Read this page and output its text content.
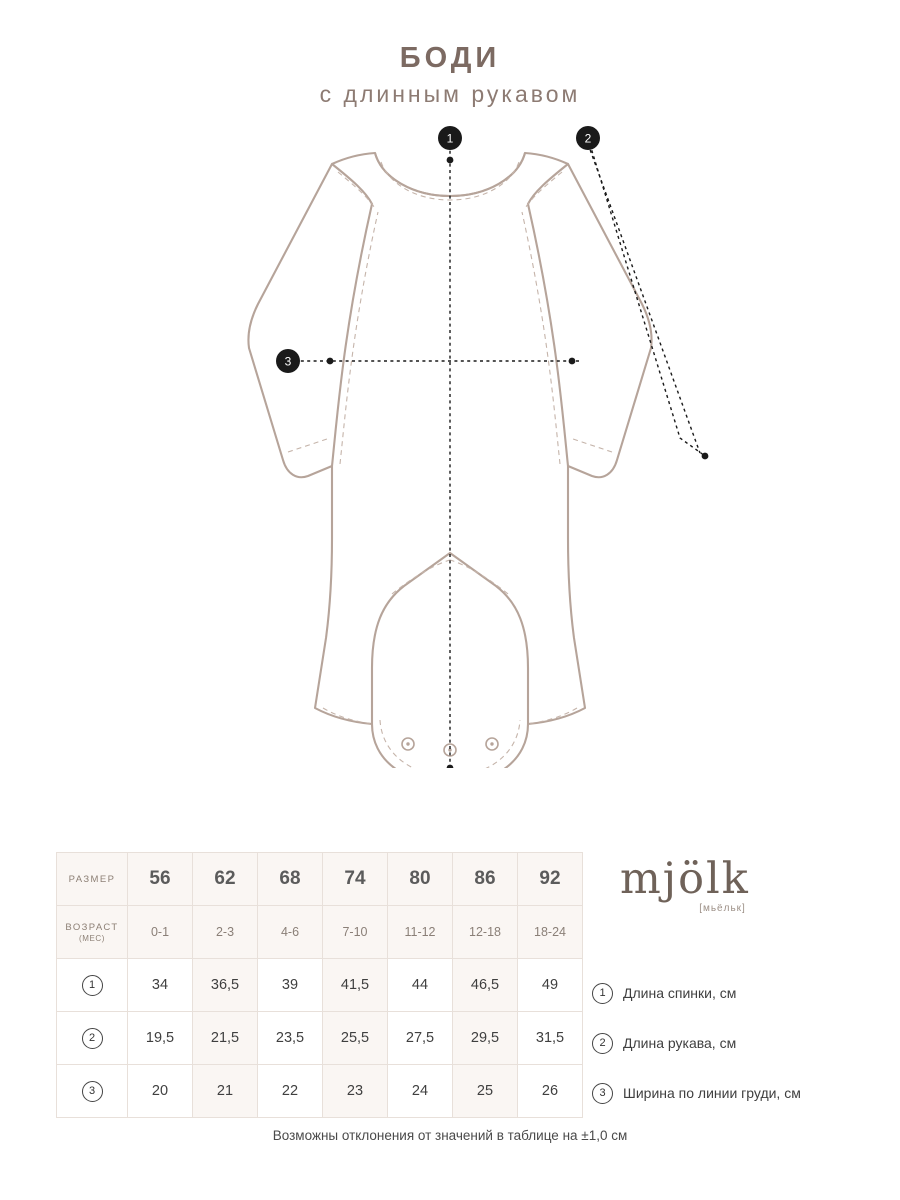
БОДИ
с длинным рукавом
1	2
3
РАЗМЕР	56	62	68	74	80	86	92
ВОЗРАСТ
(МЕС)	0-1	2-3	4-6	7-10	11-12	12-18	18-24
1	34	36,5	39	41,5	44	46,5	49
2	19,5	21,5	23,5	25,5	27,5	29,5	31,5
3	20	21	22	23	24	25	26
mjölk
[мьёльк]
1	Длина спинки, см
2	Длина рукава, см
3	Ширина по линии груди, см
Возможны отклонения от значений в таблице на ±1,0 см
